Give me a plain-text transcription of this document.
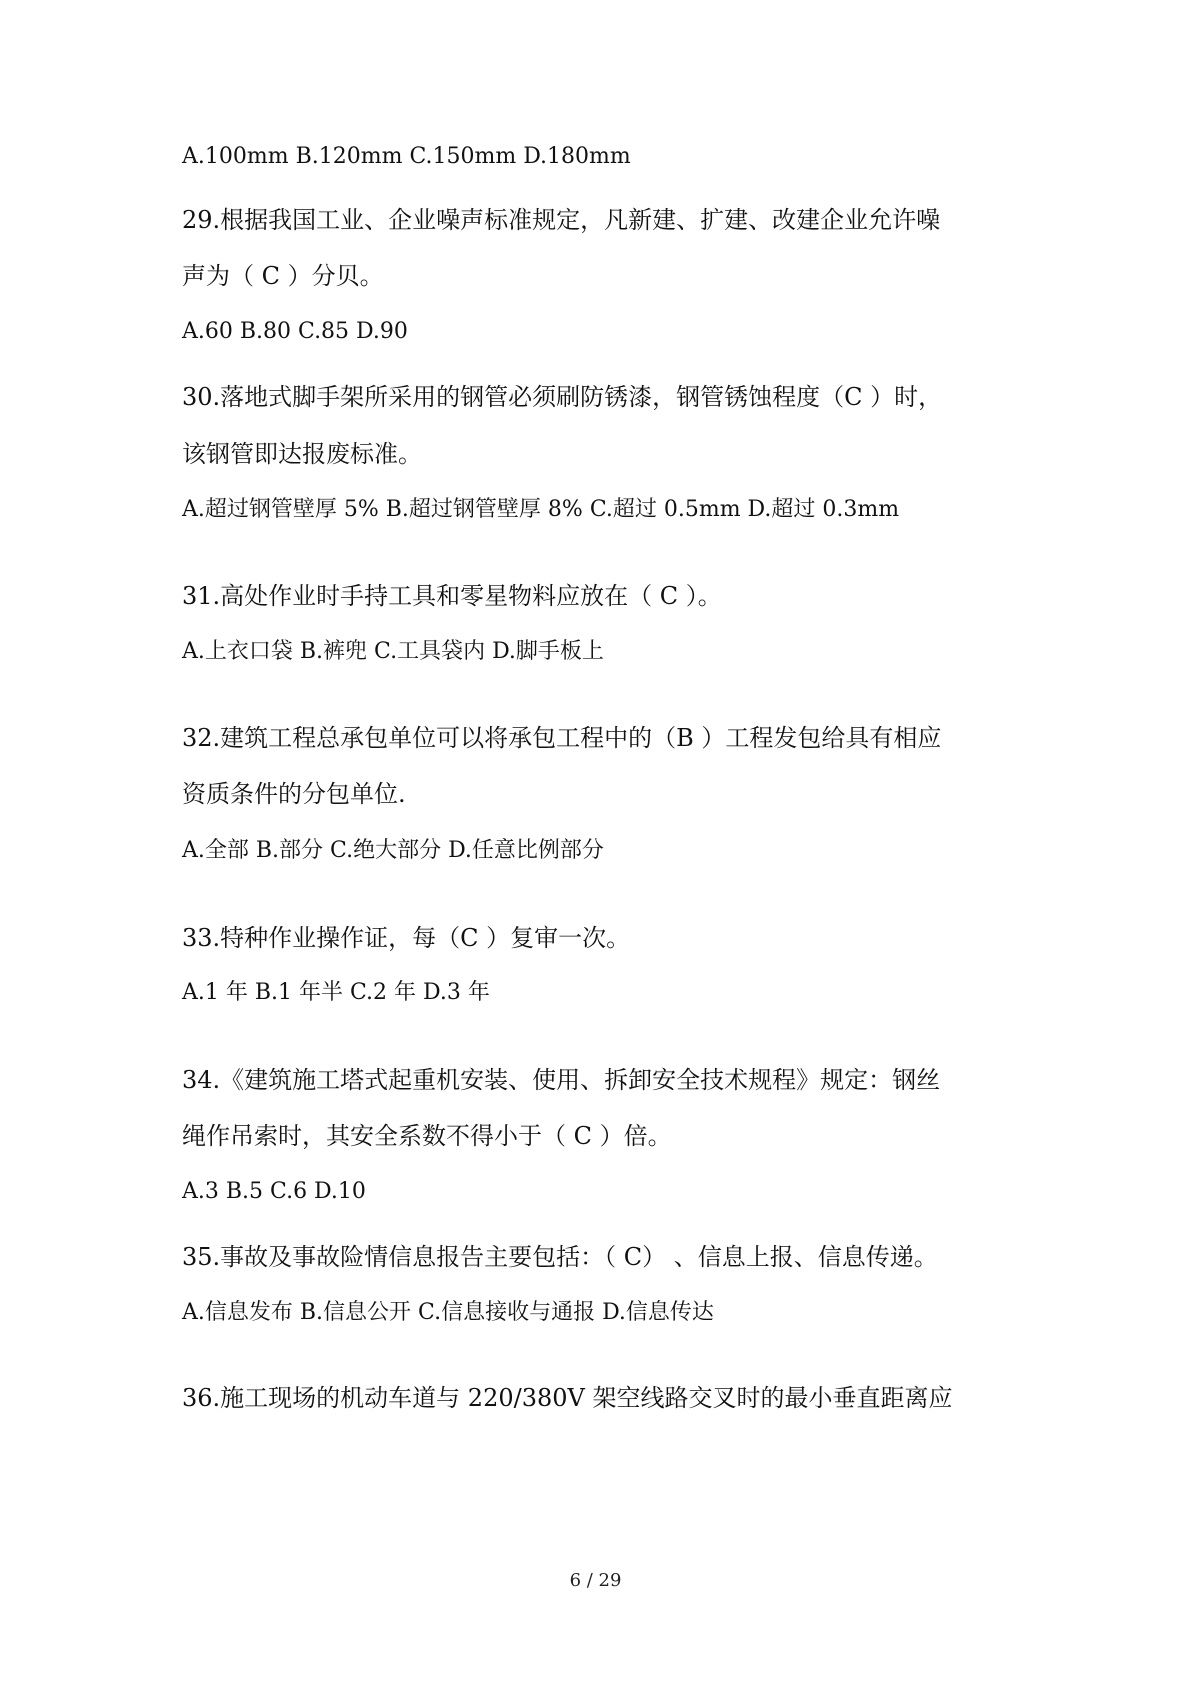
A.100mm B.120mm C.150mm D.180mm
29.根据我国工业、企业噪声标准规定，凡新建、扩建、改建企业允许噪
声为（ C ）分贝。
A.60 B.80 C.85 D.90
30.落地式脚手架所采用的钢管必须刷防锈漆，钢管锈蚀程度（C ）时，
该钢管即达报废标准。
A.超过钢管壁厚 5% B.超过钢管壁厚 8% C.超过 0.5mm D.超过 0.3mm
31.高处作业时手持工具和零星物料应放在（ C ）。
A.上衣口袋 B.裤兜 C.工具袋内 D.脚手板上
32.建筑工程总承包单位可以将承包工程中的（B ）工程发包给具有相应
资质条件的分包单位.
A.全部 B.部分 C.绝大部分 D.任意比例部分
33.特种作业操作证，每（C ）复审一次。
A.1 年 B.1 年半 C.2 年 D.3 年
34.《建筑施工塔式起重机安装、使用、拆卸安全技术规程》规定：钢丝
绳作吊索时，其安全系数不得小于（ C ）倍。
A.3 B.5 C.6 D.10
35.事故及事故险情信息报告主要包括：（ C） 、信息上报、信息传递。
A.信息发布 B.信息公开 C.信息接收与通报 D.信息传达
36.施工现场的机动车道与 220/380V 架空线路交叉时的最小垂直距离应
6 / 29
